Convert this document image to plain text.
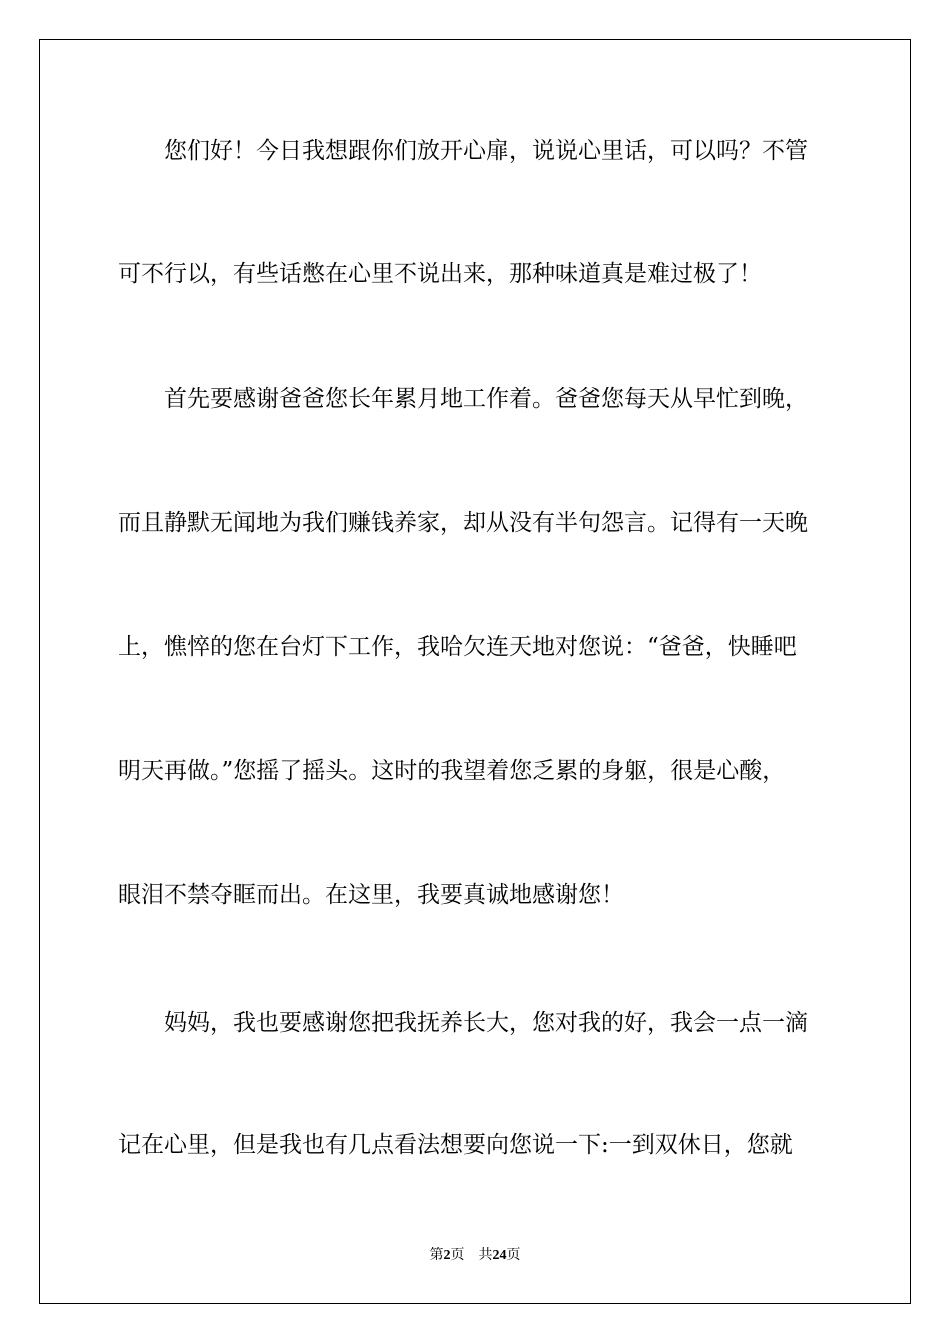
您们好！今日我想跟你们放开心扉，说说心里话，可以吗？不管
可不行以，有些话憋在心里不说出来，那种味道真是难过极了！
首先要感谢爸爸您长年累月地工作着。爸爸您每天从早忙到晚，
而且静默无闻地为我们赚钱养家，却从没有半句怨言。记得有一天晚
上，憔悴的您在台灯下工作，我哈欠连天地对您说：“爸爸，快睡吧
明天再做。”您摇了摇头。这时的我望着您乏累的身躯，很是心酸，
眼泪不禁夺眶而出。在这里，我要真诚地感谢您！
妈妈，我也要感谢您把我抚养长大，您对我的好，我会一点一滴
记在心里，但是我也有几点看法想要向您说一下:一到双休日，您就
第2页 共24页
